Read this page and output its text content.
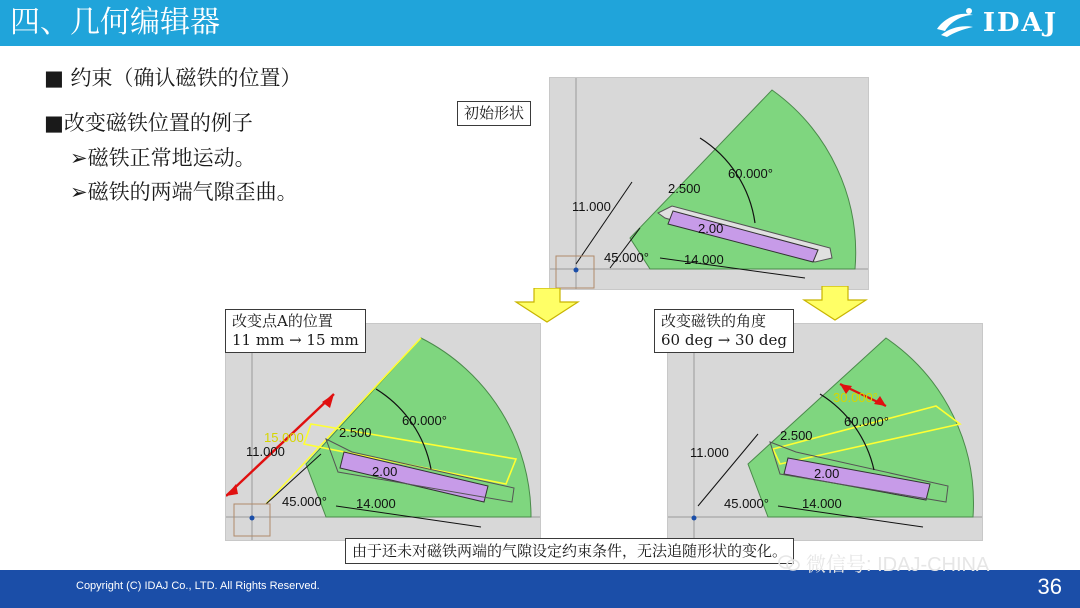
四、几何编辑器	IDAJ
■ 约束（确认磁铁的位置）
■改变磁铁位置的例子
➢磁铁正常地运动。
➢磁铁的两端气隙歪曲。
60.000°
11.000
2.500
2.00
45.000°	14.000
初始形状
60.000°
15.000
11.000
2.500
2.00
45.000° 14.000
改变点A的位置
11 mm → 15 mm
30.000°
60.000°
11.000
2.500
2.00
45.000°	14.000
改变磁铁的角度
60 deg → 30 deg
由于还未对磁铁两端的气隙设定约束条件，无法追随形状的变化。
Copyright (C) IDAJ Co., LTD. All Rights Reserved.	36
微信号: IDAJ-CHINA
